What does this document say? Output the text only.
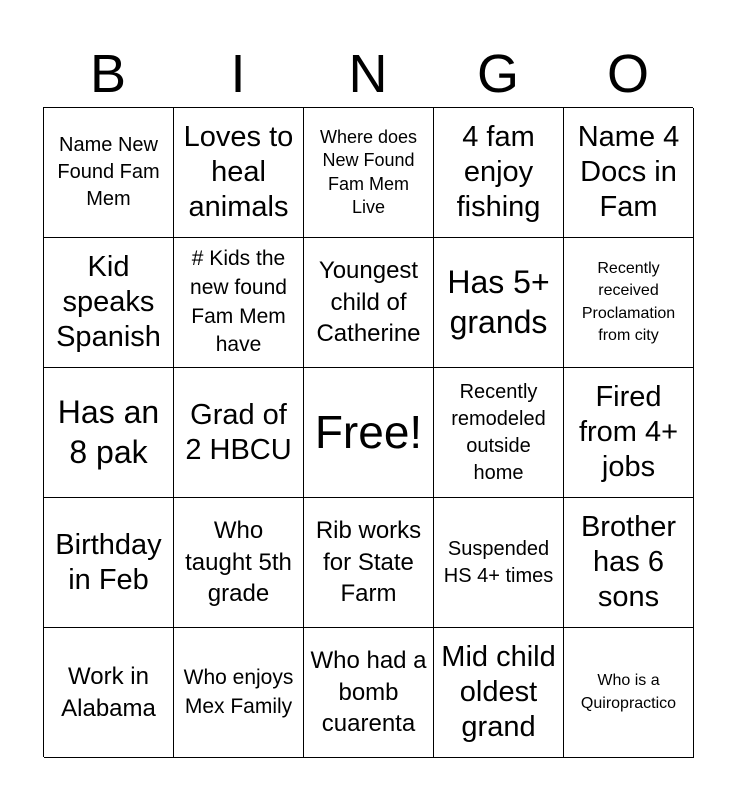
B	I	N	G	O
Name New Found Fam Mem
Loves to heal animals
Where does New Found Fam Mem Live
4 fam enjoy fishing
Name 4 Docs in Fam
Kid speaks Spanish
# Kids the new found Fam Mem have
Youngest child of Catherine
Has 5+ grands
Recently received Proclamation from city
Has an 8 pak
Grad of 2 HBCU Free!
Recently remodeled outside home
Fired from 4+ jobs
Birthday in Feb
Who taught 5th grade
Rib works for State Farm
Suspended HS 4+ times
Brother has 6 sons
Work in Alabama
Who enjoys Mex Family
Who had a bomb cuarenta
Mid child oldest grand
Who is a Quiropractico
